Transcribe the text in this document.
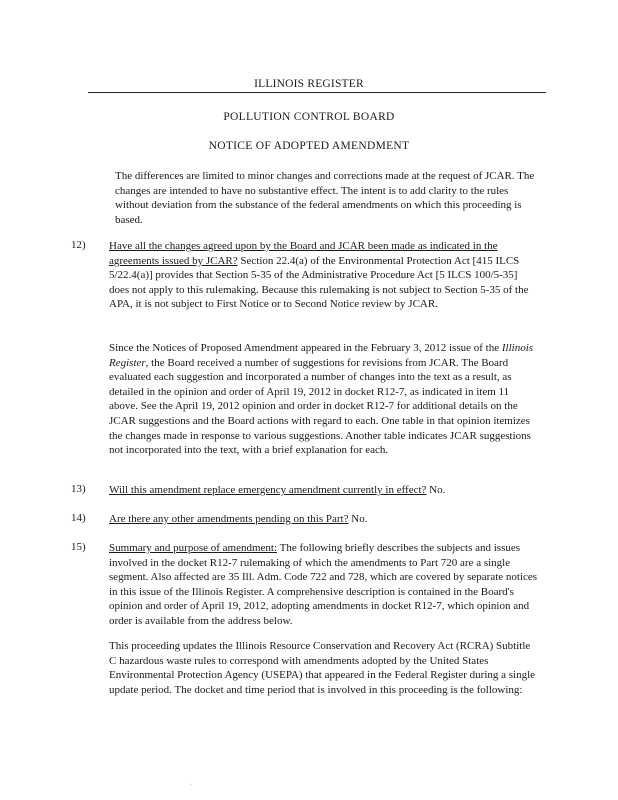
ILLINOIS REGISTER
POLLUTION CONTROL BOARD
NOTICE OF ADOPTED AMENDMENT

The differences are limited to minor changes and corrections made at the request of JCAR. The changes are intended to have no substantive effect. The intent is to add clarity to the rules without deviation from the substance of the federal amendments on which this proceeding is based.

12) Have all the changes agreed upon by the Board and JCAR been made as indicated in the agreements issued by JCAR? Section 22.4(a) of the Environmental Protection Act [415 ILCS 5/22.4(a)] provides that Section 5-35 of the Administrative Procedure Act [5 ILCS 100/5-35] does not apply to this rulemaking. Because this rulemaking is not subject to Section 5-35 of the APA, it is not subject to First Notice or to Second Notice review by JCAR.

Since the Notices of Proposed Amendment appeared in the February 3, 2012 issue of the Illinois Register, the Board received a number of suggestions for revisions from JCAR. The Board evaluated each suggestion and incorporated a number of changes into the text as a result, as detailed in the opinion and order of April 19, 2012 in docket R12-7, as indicated in item 11 above. See the April 19, 2012 opinion and order in docket R12-7 for additional details on the JCAR suggestions and the Board actions with regard to each. One table in that opinion itemizes the changes made in response to various suggestions. Another table indicates JCAR suggestions not incorporated into the text, with a brief explanation for each.

13) Will this amendment replace emergency amendment currently in effect? No.

14) Are there any other amendments pending on this Part? No.

15) Summary and purpose of amendment: The following briefly describes the subjects and issues involved in the docket R12-7 rulemaking of which the amendments to Part 720 are a single segment. Also affected are 35 Ill. Adm. Code 722 and 728, which are covered by separate notices in this issue of the Illinois Register. A comprehensive description is contained in the Board's opinion and order of April 19, 2012, adopting amendments in docket R12-7, which opinion and order is available from the address below.

This proceeding updates the Illinois Resource Conservation and Recovery Act (RCRA) Subtitle C hazardous waste rules to correspond with amendments adopted by the United States Environmental Protection Agency (USEPA) that appeared in the Federal Register during a single update period. The docket and time period that is involved in this proceeding is the following:

·
